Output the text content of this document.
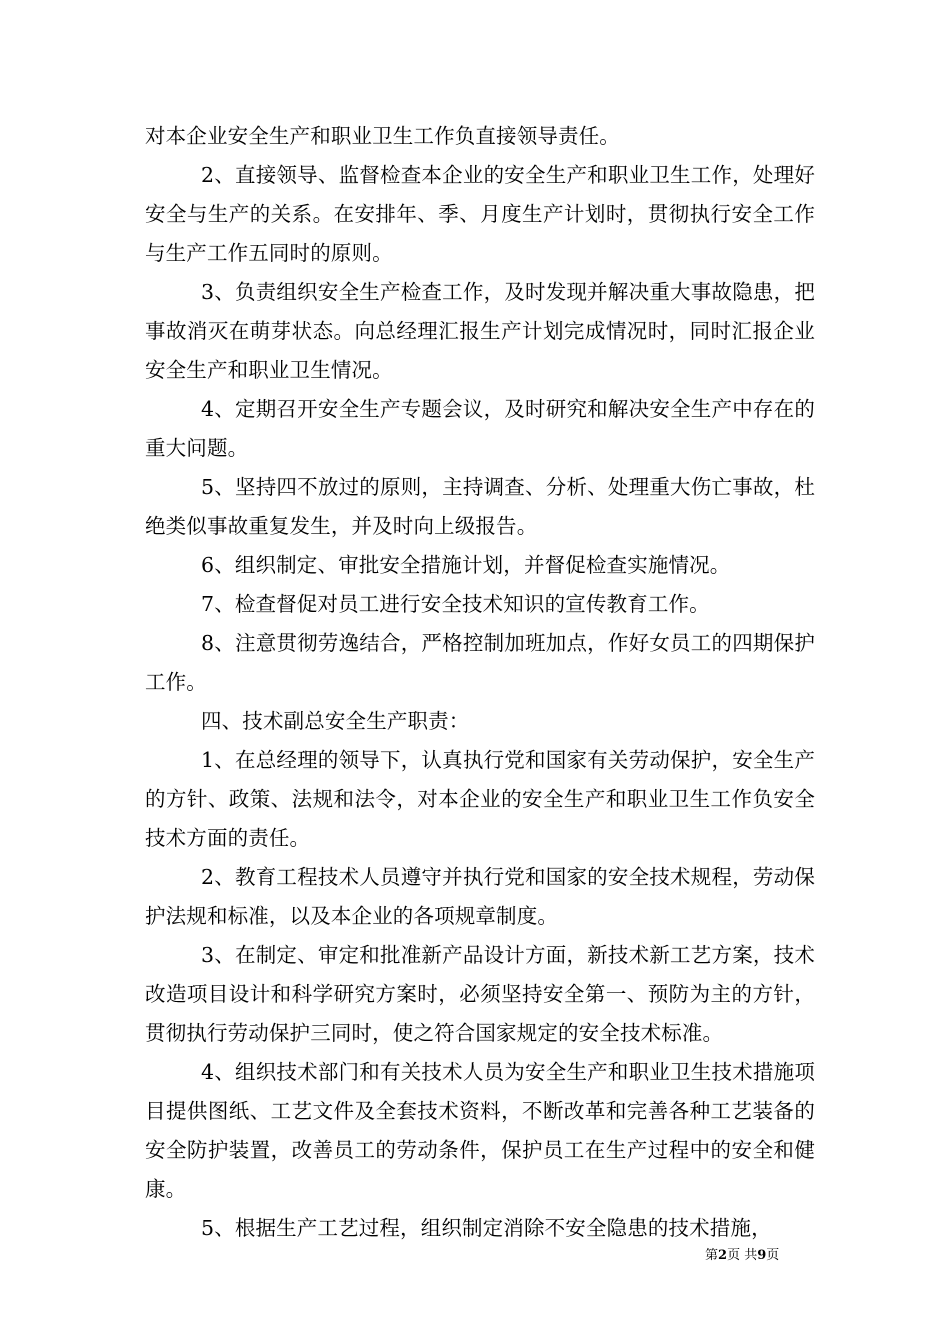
对本企业安全生产和职业卫生工作负直接领导责任。

2、直接领导、监督检查本企业的安全生产和职业卫生工作，处理好安全与生产的关系。在安排年、季、月度生产计划时，贯彻执行安全工作与生产工作五同时的原则。

3、负责组织安全生产检查工作，及时发现并解决重大事故隐患，把事故消灭在萌芽状态。向总经理汇报生产计划完成情况时，同时汇报企业安全生产和职业卫生情况。

4、定期召开安全生产专题会议，及时研究和解决安全生产中存在的重大问题。

5、坚持四不放过的原则，主持调查、分析、处理重大伤亡事故，杜绝类似事故重复发生，并及时向上级报告。

6、组织制定、审批安全措施计划，并督促检查实施情况。

7、检查督促对员工进行安全技术知识的宣传教育工作。

8、注意贯彻劳逸结合，严格控制加班加点，作好女员工的四期保护工作。

四、技术副总安全生产职责：

1、在总经理的领导下，认真执行党和国家有关劳动保护，安全生产的方针、政策、法规和法令，对本企业的安全生产和职业卫生工作负安全技术方面的责任。

2、教育工程技术人员遵守并执行党和国家的安全技术规程，劳动保护法规和标准，以及本企业的各项规章制度。

3、在制定、审定和批准新产品设计方面，新技术新工艺方案，技术改造项目设计和科学研究方案时，必须坚持安全第一、预防为主的方针，贯彻执行劳动保护三同时，使之符合国家规定的安全技术标准。

4、组织技术部门和有关技术人员为安全生产和职业卫生技术措施项目提供图纸、工艺文件及全套技术资料，不断改革和完善各种工艺装备的安全防护装置，改善员工的劳动条件，保护员工在生产过程中的安全和健康。

5、根据生产工艺过程，组织制定消除不安全隐患的技术措施，

第2页 共9页
